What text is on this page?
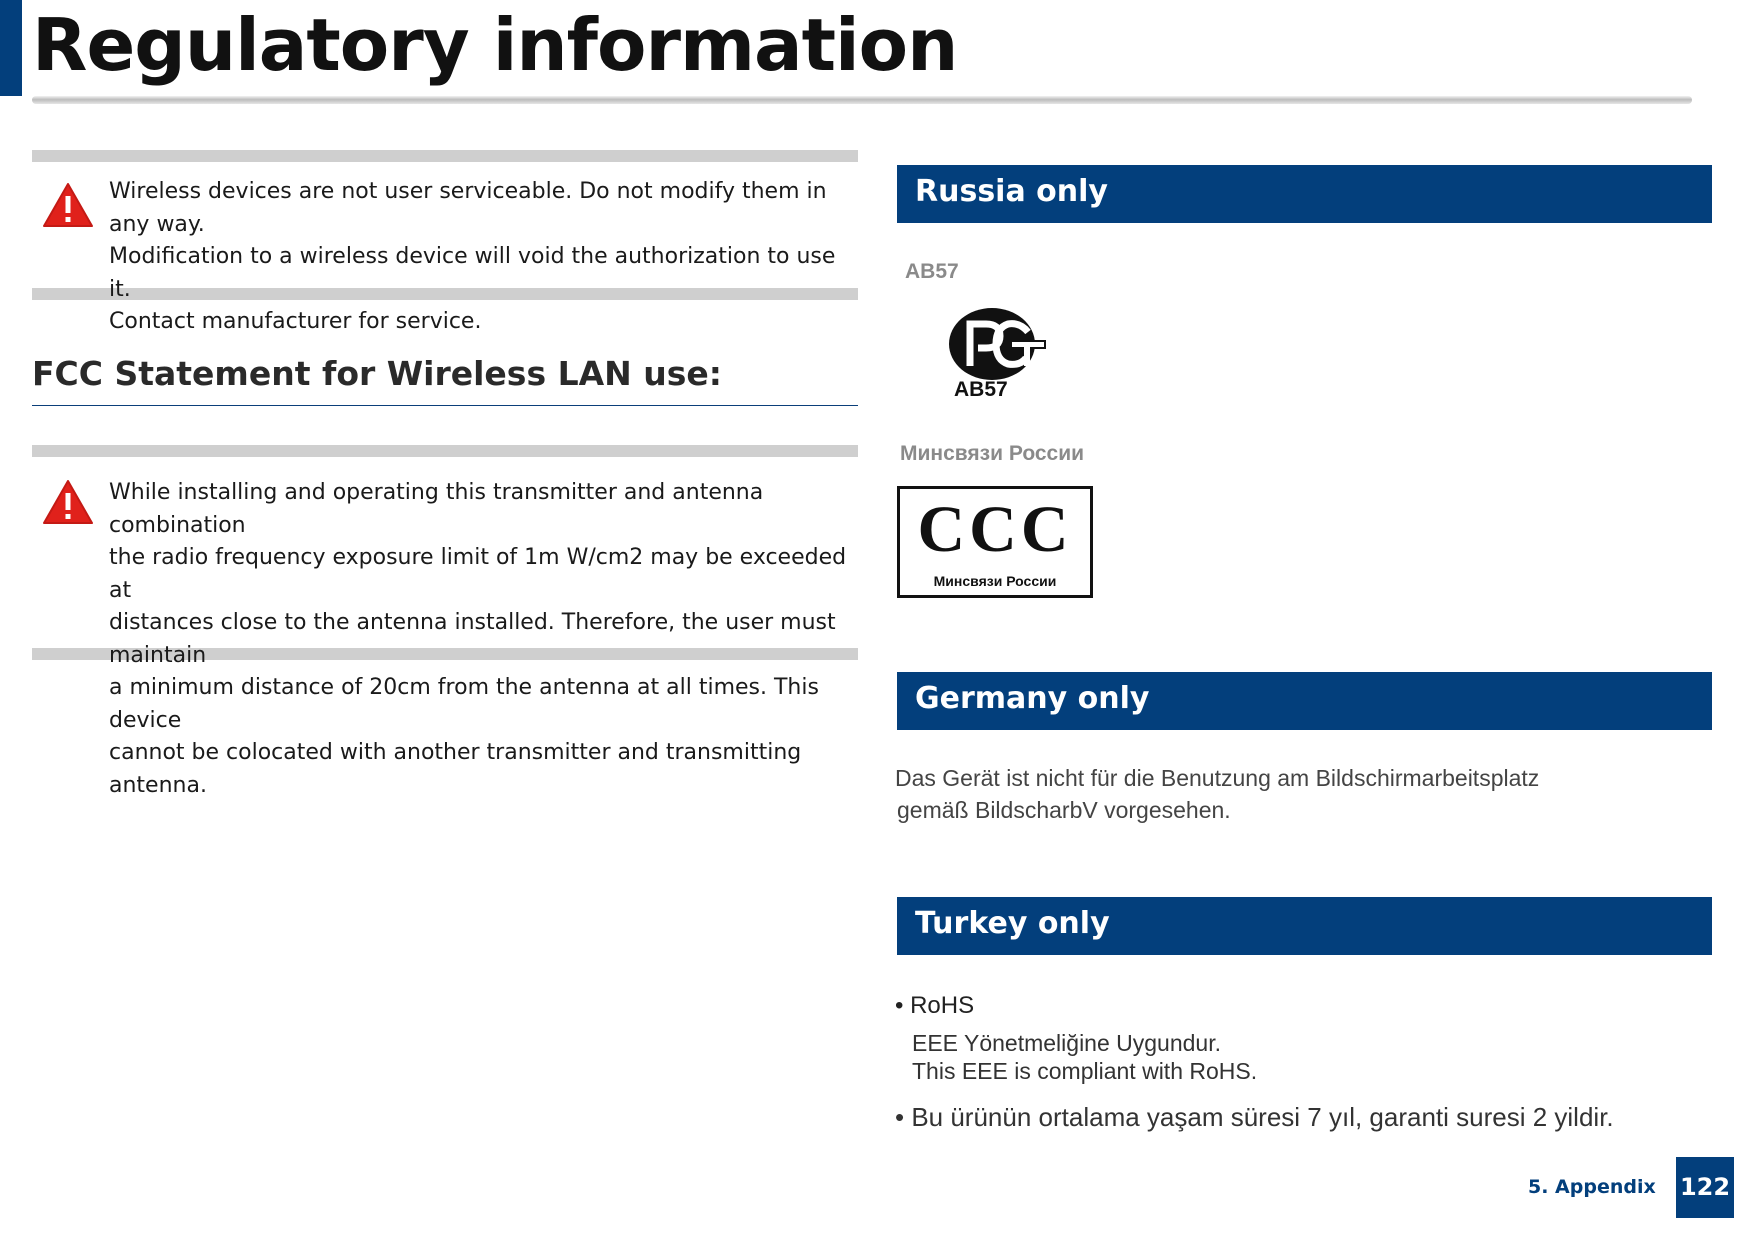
Regulatory information
Wireless devices are not user serviceable. Do not modify them in any way.
Modification to a wireless device will void the authorization to use it.
Contact manufacturer for service.
FCC Statement for Wireless LAN use:
While installing and operating this transmitter and antenna combination
the radio frequency exposure limit of 1m W/cm2 may be exceeded at
distances close to the antenna installed. Therefore, the user must maintain
a minimum distance of 20cm from the antenna at all times. This device
cannot be colocated with another transmitter and transmitting antenna.
Russia only
AB57
AB57
Минсвязи России
CCC
Минсвязи России
Germany only
Das Gerät ist nicht für die Benutzung am Bildschirmarbeitsplatz
gemäß BildscharbV vorgesehen.
Turkey only
• RoHS
EEE Yönetmeliğine Uygundur.
This EEE is compliant with RoHS.
• Bu ürünün ortalama yaşam süresi 7 yıl, garanti suresi 2 yildir.
5. Appendix 122
